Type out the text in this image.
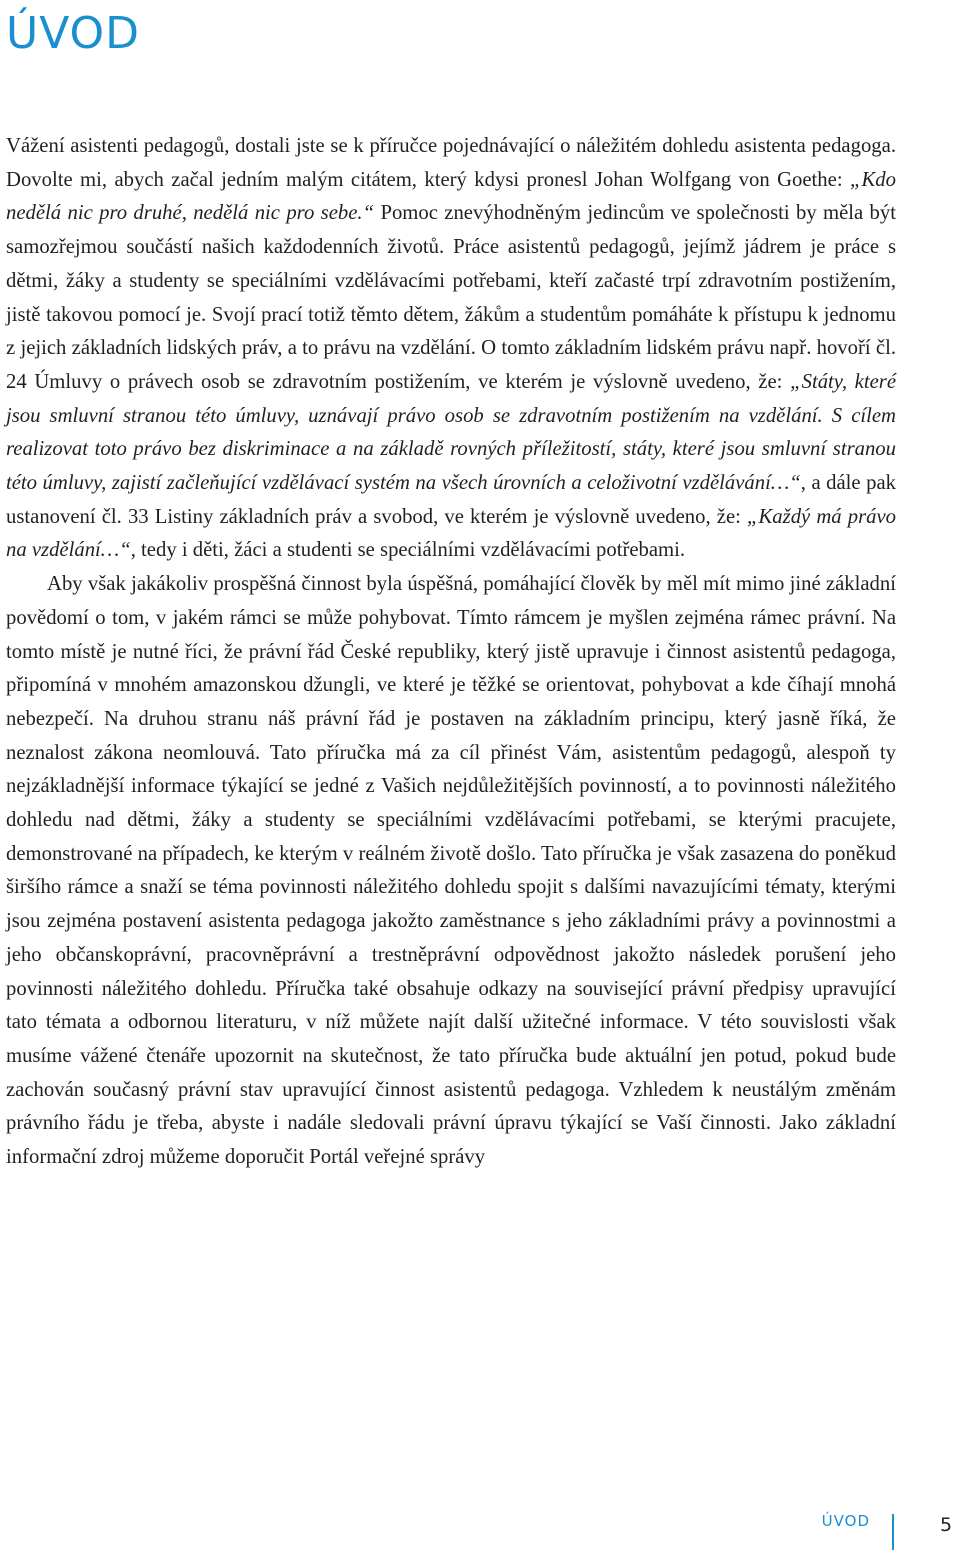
ÚVOD

Vážení asistenti pedagogů, dostali jste se k příručce pojednávající o náležitém dohledu asistenta pedagoga. Dovolte mi, abych začal jedním malým citátem, který kdysi pronesl Johan Wolfgang von Goethe: „Kdo nedělá nic pro druhé, nedělá nic pro sebe.“ Pomoc znevýhodněným jedincům ve společnosti by měla být samozřejmou součástí našich každodenních životů. Práce asistentů pedagogů, jejímž jádrem je práce s dětmi, žáky a studenty se speciálními vzdělávacími potřebami, kteří začasté trpí zdravotním postižením, jistě takovou pomocí je. Svojí prací totiž těmto dětem, žákům a studentům pomáháte k přístupu k jednomu z jejich základních lidských práv, a to právu na vzdělání. O tomto základním lidském právu např. hovoří čl. 24 Úmluvy o právech osob se zdravotním postižením, ve kterém je výslovně uvedeno, že: „Státy, které jsou smluvní stranou této úmluvy, uznávají právo osob se zdravotním postižením na vzdělání. S cílem realizovat toto právo bez diskriminace a na základě rovných příležitostí, státy, které jsou smluvní stranou této úmluvy, zajistí začleňující vzdělávací systém na všech úrovních a celoživotní vzdělávání…“, a dále pak ustanovení čl. 33 Listiny základních práv a svobod, ve kterém je výslovně uvedeno, že: „Každý má právo na vzdělání…“, tedy i děti, žáci a studenti se speciálními vzdělávacími potřebami.

Aby však jakákoliv prospěšná činnost byla úspěšná, pomáhající člověk by měl mít mimo jiné základní povědomí o tom, v jakém rámci se může pohybovat. Tímto rámcem je myšlen zejména rámec právní. Na tomto místě je nutné říci, že právní řád České republiky, který jistě upravuje i činnost asistentů pedagoga, připomíná v mnohém amazonskou džungli, ve které je těžké se orientovat, pohybovat a kde číhají mnohá nebezpečí. Na druhou stranu náš právní řád je postaven na základním principu, který jasně říká, že neznalost zákona neomlouvá. Tato příručka má za cíl přinést Vám, asistentům pedagogů, alespoň ty nejzákladnější informace týkající se jedné z Vašich nejdůležitějších povinností, a to povinnosti náležitého dohledu nad dětmi, žáky a studenty se speciálními vzdělávacími potřebami, se kterými pracujete, demonstrované na případech, ke kterým v reálném životě došlo. Tato příručka je však zasazena do poněkud širšího rámce a snaží se téma povinnosti náležitého dohledu spojit s dalšími navazujícími tématy, kterými jsou zejména postavení asistenta pedagoga jakožto zaměstnance s jeho základními právy a povinnostmi a jeho občanskoprávní, pracovněprávní a trestněprávní odpovědnost jakožto následek porušení jeho povinnosti náležitého dohledu. Příručka také obsahuje odkazy na související právní předpisy upravující tato témata a odbornou literaturu, v níž můžete najít další užitečné informace. V této souvislosti však musíme vážené čtenáře upozornit na skutečnost, že tato příručka bude aktuální jen potud, pokud bude zachován současný právní stav upravující činnost asistentů pedagoga. Vzhledem k neustálým změnám právního řádu je třeba, abyste i nadále sledovali právní úpravu týkající se Vaší činnosti. Jako základní informační zdroj můžeme doporučit Portál veřejné správy

ÚVOD	5
